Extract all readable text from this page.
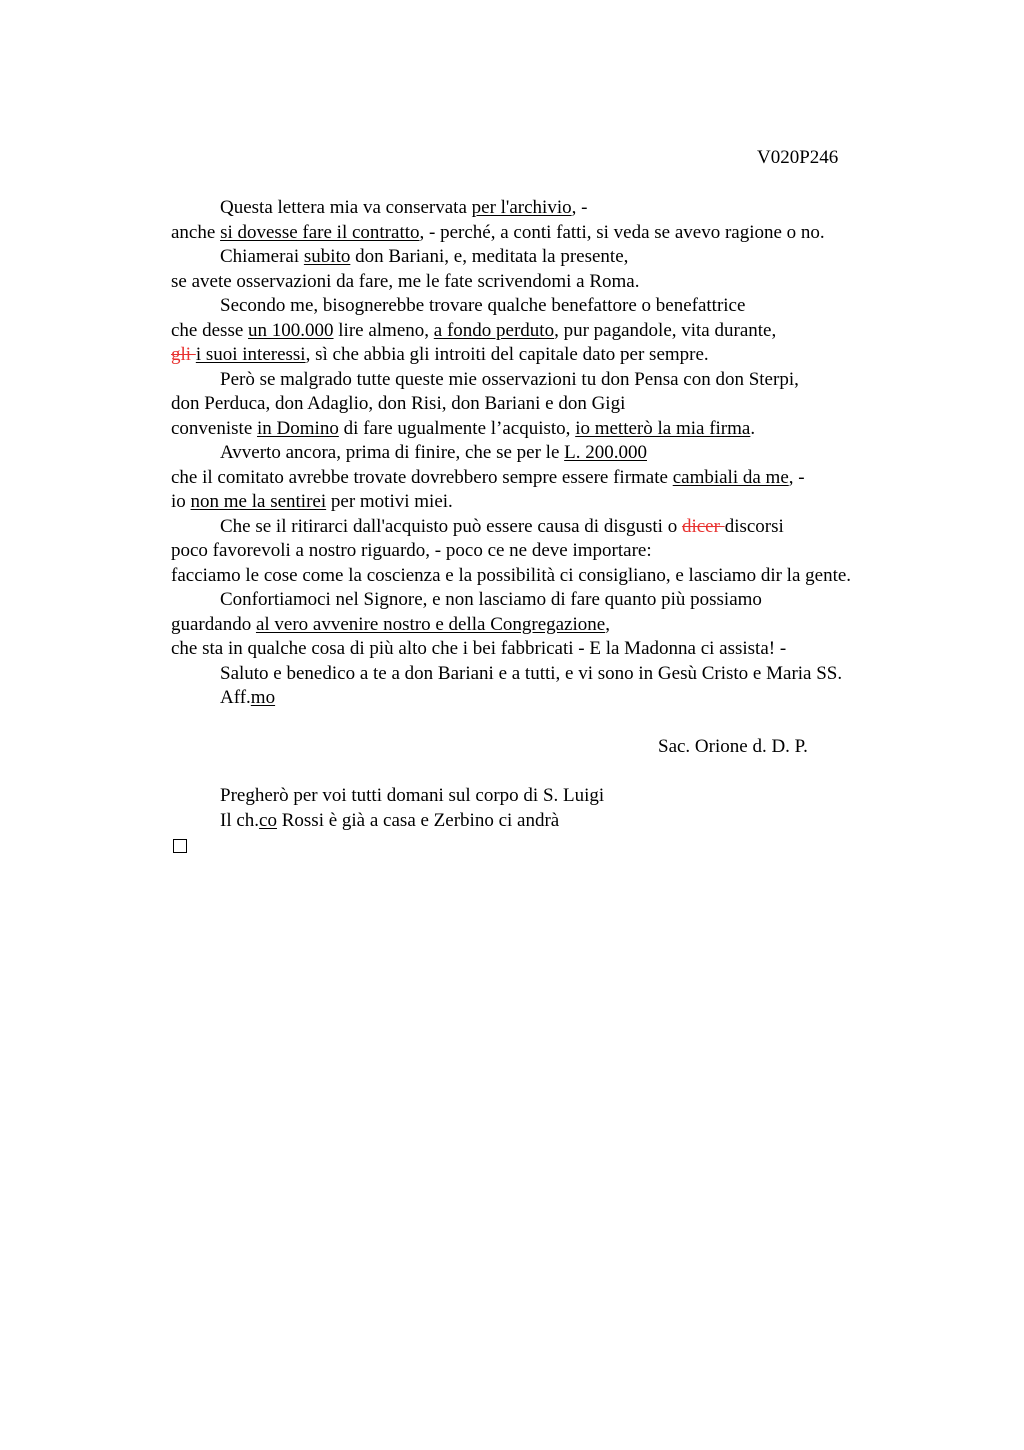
V020P246
Questa lettera mia va conservata per l'archivio, -
anche si dovesse fare il contratto, - perché, a conti fatti, si veda se avevo ragione o no.
Chiamerai subito don Bariani, e, meditata la presente,
se avete osservazioni da fare, me le fate scrivendomi a Roma.
Secondo me, bisognerebbe trovare qualche benefattore o benefattrice
che desse un 100.000 lire almeno, a fondo perduto, pur pagandole, vita durante,
gli i suoi interessi, sì che abbia gli introiti del capitale dato per sempre.
Però se malgrado tutte queste mie osservazioni tu don Pensa con don Sterpi,
don Perduca, don Adaglio, don Risi, don Bariani e don Gigi
conveniste in Domino di fare ugualmente l’acquisto, io metterò la mia firma.
Avverto ancora, prima di finire, che se per le L. 200.000
che il comitato avrebbe trovate dovrebbero sempre essere firmate cambiali da me, -
io non me la sentirei per motivi miei.
Che se il ritirarci dall'acquisto può essere causa di disgusti o dicer discorsi
poco favorevoli a nostro riguardo, - poco ce ne deve importare:
facciamo le cose come la coscienza e la possibilità ci consigliano, e lasciamo dir la gente.
Confortiamoci nel Signore, e non lasciamo di fare quanto più possiamo
guardando al vero avvenire nostro e della Congregazione,
che sta in qualche cosa di più alto che i bei fabbricati - E la Madonna ci assista! -
Saluto e benedico a te a don Bariani e a tutti, e vi sono in Gesù Cristo e Maria SS.
Aff.mo
Sac. Orione d. D. P.
Pregherò per voi tutti domani sul corpo di S. Luigi
Il ch.co Rossi è già a casa e Zerbino ci andrà
